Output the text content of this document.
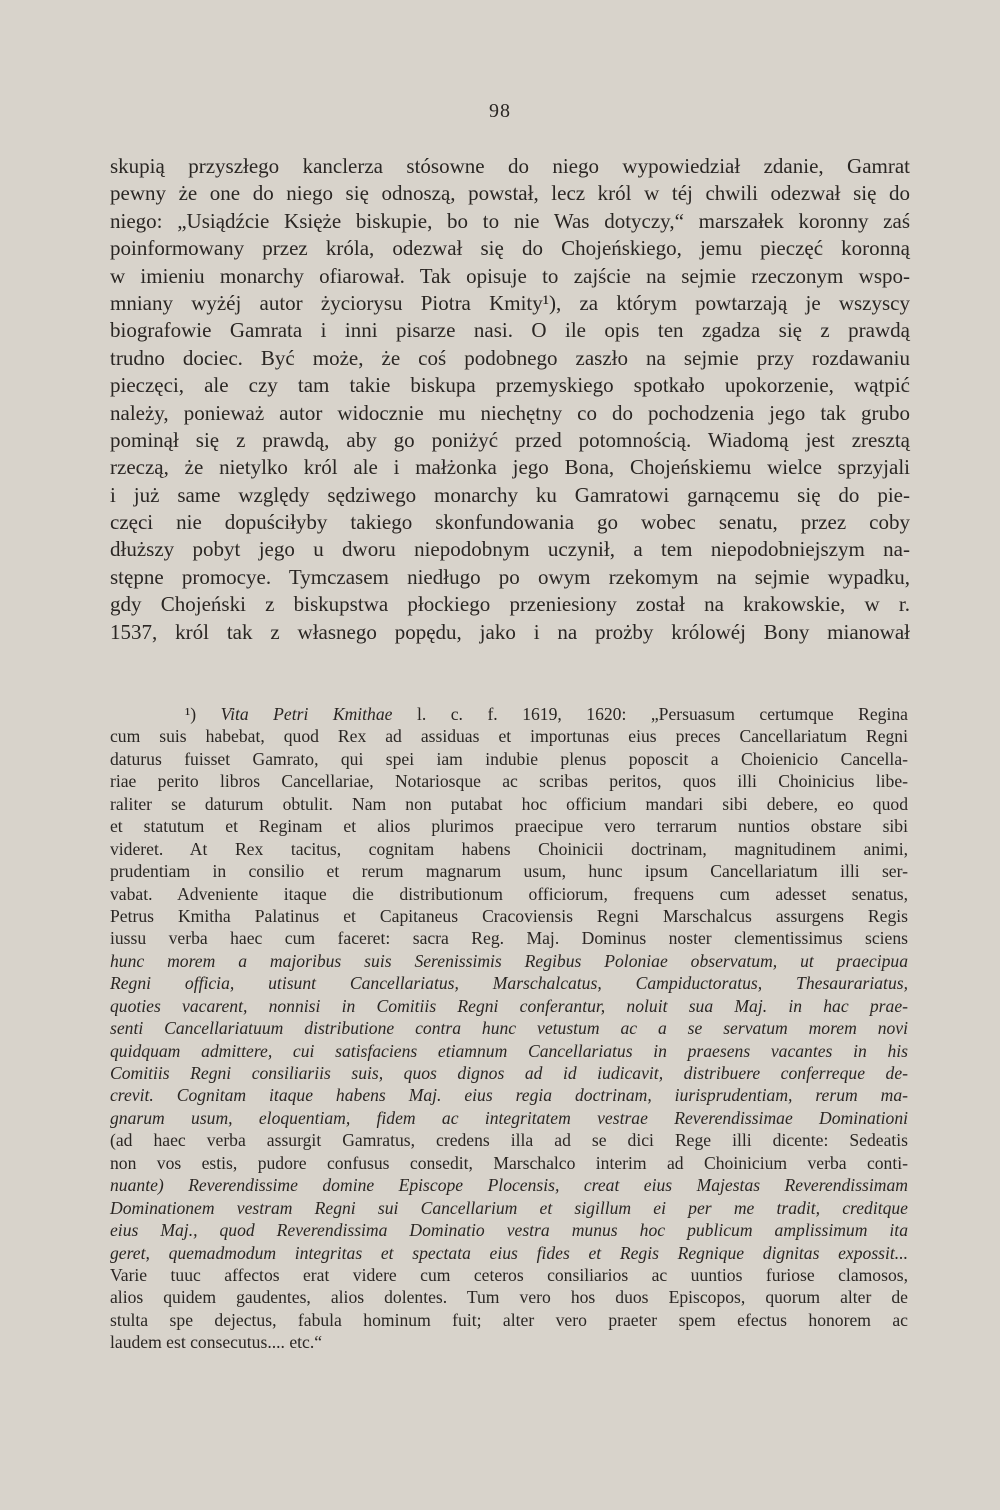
98
skupią przyszłego kanclerza stósowne do niego wypowiedział zdanie, Gamrat
pewny że one do niego się odnoszą, powstał, lecz król w téj chwili odezwał się do
niego: „Usiądźcie Księże biskupie, bo to nie Was dotyczy,“ marszałek koronny zaś
poinformowany przez króla, odezwał się do Chojeńskiego, jemu pieczęć koronną
w imieniu monarchy ofiarował. Tak opisuje to zajście na sejmie rzeczonym wspo-
mniany wyżéj autor życiorysu Piotra Kmity¹), za którym powtarzają je wszyscy
biografowie Gamrata i inni pisarze nasi. O ile opis ten zgadza się z prawdą
trudno dociec. Być może, że coś podobnego zaszło na sejmie przy rozdawaniu
pieczęci, ale czy tam takie biskupa przemyskiego spotkało upokorzenie, wątpić
należy, ponieważ autor widocznie mu niechętny co do pochodzenia jego tak grubo
pominął się z prawdą, aby go poniżyć przed potomnością. Wiadomą jest zresztą
rzeczą, że nietylko król ale i małżonka jego Bona, Chojeńskiemu wielce sprzyjali
i już same względy sędziwego monarchy ku Gamratowi garnącemu się do pie-
częci nie dopuściłyby takiego skonfundowania go wobec senatu, przez coby
dłuższy pobyt jego u dworu niepodobnym uczynił, a tem niepodobniejszym na-
stępne promocye. Tymczasem niedługo po owym rzekomym na sejmie wypadku,
gdy Chojeński z biskupstwa płockiego przeniesiony został na krakowskie, w r.
1537, król tak z własnego popędu, jako i na prożby królowéj Bony mianował
¹) Vita Petri Kmithae l. c. f. 1619, 1620: „Persuasum certumque Regina
cum suis habebat, quod Rex ad assiduas et importunas eius preces Cancellariatum Regni
daturus fuisset Gamrato, qui spei iam indubie plenus poposcit a Choienicio Cancella-
riae perito libros Cancellariae, Notariosque ac scribas peritos, quos illi Choinicius libe-
raliter se daturum obtulit. Nam non putabat hoc officium mandari sibi debere, eo quod
et statutum et Reginam et alios plurimos praecipue vero terrarum nuntios obstare sibi
videret. At Rex tacitus, cognitam habens Choinicii doctrinam, magnitudinem animi,
prudentiam in consilio et rerum magnarum usum, hunc ipsum Cancellariatum illi ser-
vabat. Adveniente itaque die distributionum officiorum, frequens cum adesset senatus,
Petrus Kmitha Palatinus et Capitaneus Cracoviensis Regni Marschalcus assurgens Regis
iussu verba haec cum faceret: sacra Reg. Maj. Dominus noster clementissimus sciens
hunc morem a majoribus suis Serenissimis Regibus Poloniae observatum, ut praecipua
Regni officia, utisunt Cancellariatus, Marschalcatus, Campiductoratus, Thesaurariatus,
quoties vacarent, nonnisi in Comitiis Regni conferantur, noluit sua Maj. in hac prae-
senti Cancellariatuum distributione contra hunc vetustum ac a se servatum morem novi
quidquam admittere, cui satisfaciens etiamnum Cancellariatus in praesens vacantes in his
Comitiis Regni consiliariis suis, quos dignos ad id iudicavit, distribuere conferreque de-
crevit. Cognitam itaque habens Maj. eius regia doctrinam, iurisprudentiam, rerum ma-
gnarum usum, eloquentiam, fidem ac integritatem vestrae Reverendissimae Dominationi
(ad haec verba assurgit Gamratus, credens illa ad se dici Rege illi dicente: Sedeatis
non vos estis, pudore confusus consedit, Marschalco interim ad Choinicium verba conti-
nuante) Reverendissime domine Episcope Plocensis, creat eius Majestas Reverendissimam
Dominationem vestram Regni sui Cancellarium et sigillum ei per me tradit, creditque
eius Maj., quod Reverendissima Dominatio vestra munus hoc publicum amplissimum ita
geret, quemadmodum integritas et spectata eius fides et Regis Regnique dignitas expossit...
Varie tuuc affectos erat videre cum ceteros consiliarios ac uuntios furiose clamosos,
alios quidem gaudentes, alios dolentes. Tum vero hos duos Episcopos, quorum alter de
stulta spe dejectus, fabula hominum fuit; alter vero praeter spem efectus honorem ac
laudem est consecutus.... etc.“
